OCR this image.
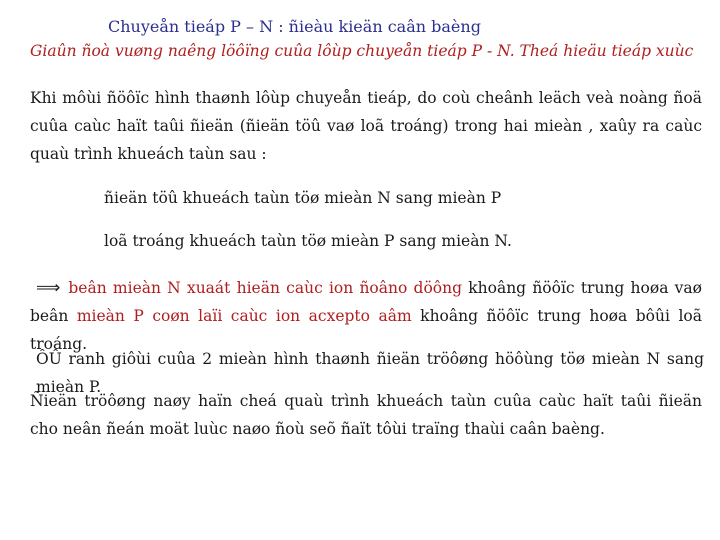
Chuyeån tieáp P – N : ñieàu kieän caân baèng
Giaûn ñoà vuøng naêng löôïng cuûa lôùp chuyeån tieáp P - N. Theá hieäu tieáp xuùc
Khi môùi ñöôïc hình thaønh lôùp chuyeån tieáp, do coù cheânh leäch veà noàng ñoä cuûa caùc haït taûi ñieän (ñieän töû vaø loã troáng) trong hai mieàn , xaûy ra caùc quaù trình khueách taùn sau :
ñieän töû khueách taùn töø mieàn N sang mieàn P
loã troáng khueách taùn töø mieàn P sang mieàn N.
⟹ beân mieàn N xuaát hieän caùc ion ñoâno döông khoâng ñöôïc trung hoøa vaø beân mieàn P coøn laïi caùc ion acxepto aâm khoâng ñöôïc trung hoøa bôûi loã troáng.
ÔÛ ranh giôùi cuûa 2 mieàn hình thaønh ñieän tröôøng höôùng töø mieàn N sang mieàn P.
Ñieän tröôøng naøy haïn cheá quaù trình khueách taùn cuûa caùc haït taûi ñieän cho neân ñeán moät luùc naøo ñoù seõ ñaït tôùi traïng thaùi caân baèng.
